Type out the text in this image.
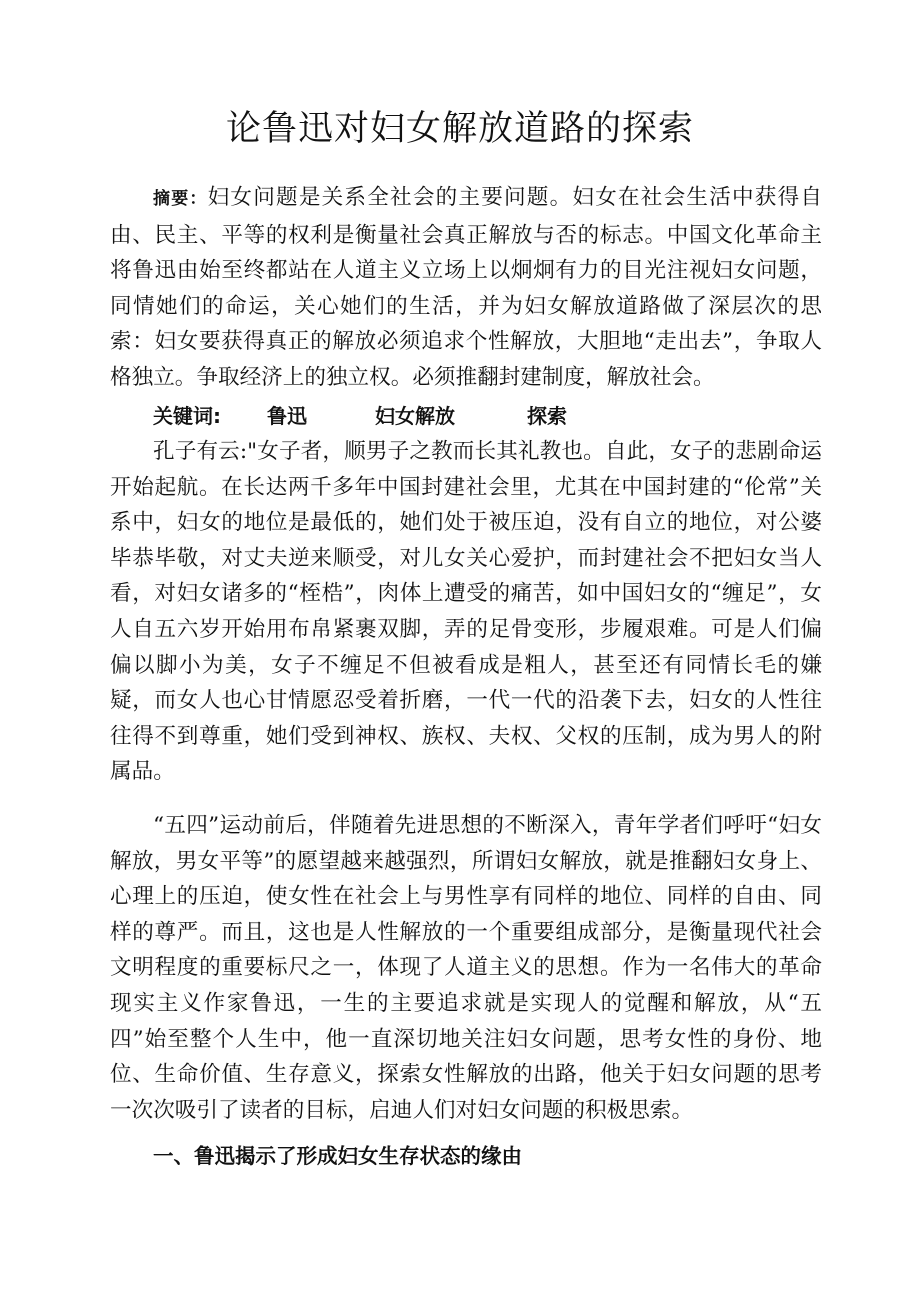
论鲁迅对妇女解放道路的探索

摘要：妇女问题是关系全社会的主要问题。妇女在社会生活中获得自由、民主、平等的权利是衡量社会真正解放与否的标志。中国文化革命主将鲁迅由始至终都站在人道主义立场上以炯炯有力的目光注视妇女问题，同情她们的命运，关心她们的生活，并为妇女解放道路做了深层次的思索：妇女要获得真正的解放必须追求个性解放，大胆地“走出去”，争取人格独立。争取经济上的独立权。必须推翻封建制度，解放社会。

关键词: 鲁迅	妇女解放	探索

孔子有云:"女子者，顺男子之教而长其礼教也。自此，女子的悲剧命运开始起航。在长达两千多年中国封建社会里，尤其在中国封建的“伦常”关系中，妇女的地位是最低的，她们处于被压迫，没有自立的地位，对公婆毕恭毕敬，对丈夫逆来顺受，对儿女关心爱护，而封建社会不把妇女当人看，对妇女诸多的“桎梏”，肉体上遭受的痛苦，如中国妇女的“缠足”，女人自五六岁开始用布帛紧裹双脚，弄的足骨变形，步履艰难。可是人们偏偏以脚小为美，女子不缠足不但被看成是粗人，甚至还有同情长毛的嫌疑，而女人也心甘情愿忍受着折磨，一代一代的沿袭下去，妇女的人性往往得不到尊重，她们受到神权、族权、夫权、父权的压制，成为男人的附属品。

“五四”运动前后，伴随着先进思想的不断深入，青年学者们呼吁“妇女解放，男女平等”的愿望越来越强烈，所谓妇女解放，就是推翻妇女身上、心理上的压迫，使女性在社会上与男性享有同样的地位、同样的自由、同样的尊严。而且，这也是人性解放的一个重要组成部分，是衡量现代社会文明程度的重要标尺之一，体现了人道主义的思想。作为一名伟大的革命现实主义作家鲁迅，一生的主要追求就是实现人的觉醒和解放，从“五四”始至整个人生中，他一直深切地关注妇女问题，思考女性的身份、地位、生命价值、生存意义，探索女性解放的出路，他关于妇女问题的思考一次次吸引了读者的目标，启迪人们对妇女问题的积极思索。

一、鲁迅揭示了形成妇女生存状态的缘由
